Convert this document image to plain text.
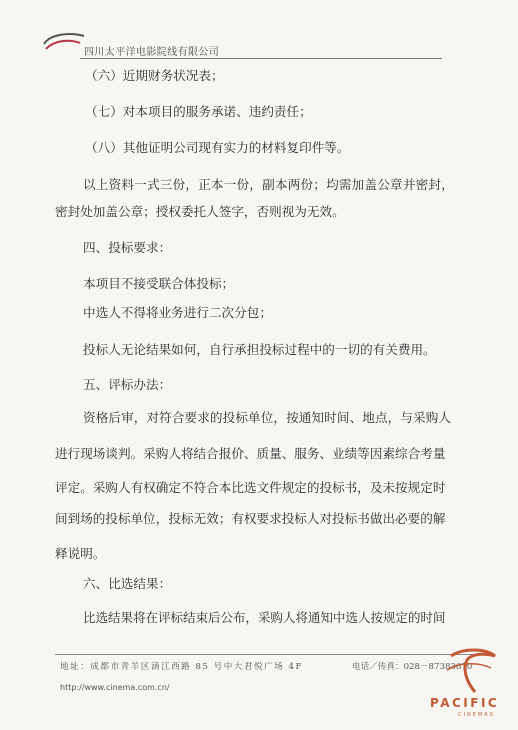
四川太平洋电影院线有限公司
（六）近期财务状况表；
（七）对本项目的服务承诺、违约责任；
（八）其他证明公司现有实力的材料复印件等。
以上资料一式三份，正本一份，副本两份；均需加盖公章并密封，
密封处加盖公章；授权委托人签字，否则视为无效。
四、投标要求：
本项目不接受联合体投标；
中选人不得将业务进行二次分包；
投标人无论结果如何，自行承担投标过程中的一切的有关费用。
五、评标办法：
资格后审，对符合要求的投标单位，按通知时间、地点，与采购人
进行现场谈判。采购人将结合报价、质量、服务、业绩等因素综合考量
评定。采购人有权确定不符合本比选文件规定的投标书，及未按规定时
间到场的投标单位，投标无效；有权要求投标人对投标书做出必要的解
释说明。
六、比选结果：
比选结果将在评标结束后公布，采购人将通知中选人按规定的时间
地址：成都市青羊区滴江西路 85 号中大君悦广场 4F	电话／传真：028－87383610
http://www.cinema.com.cn/
PACIFIC
CINEMAS
